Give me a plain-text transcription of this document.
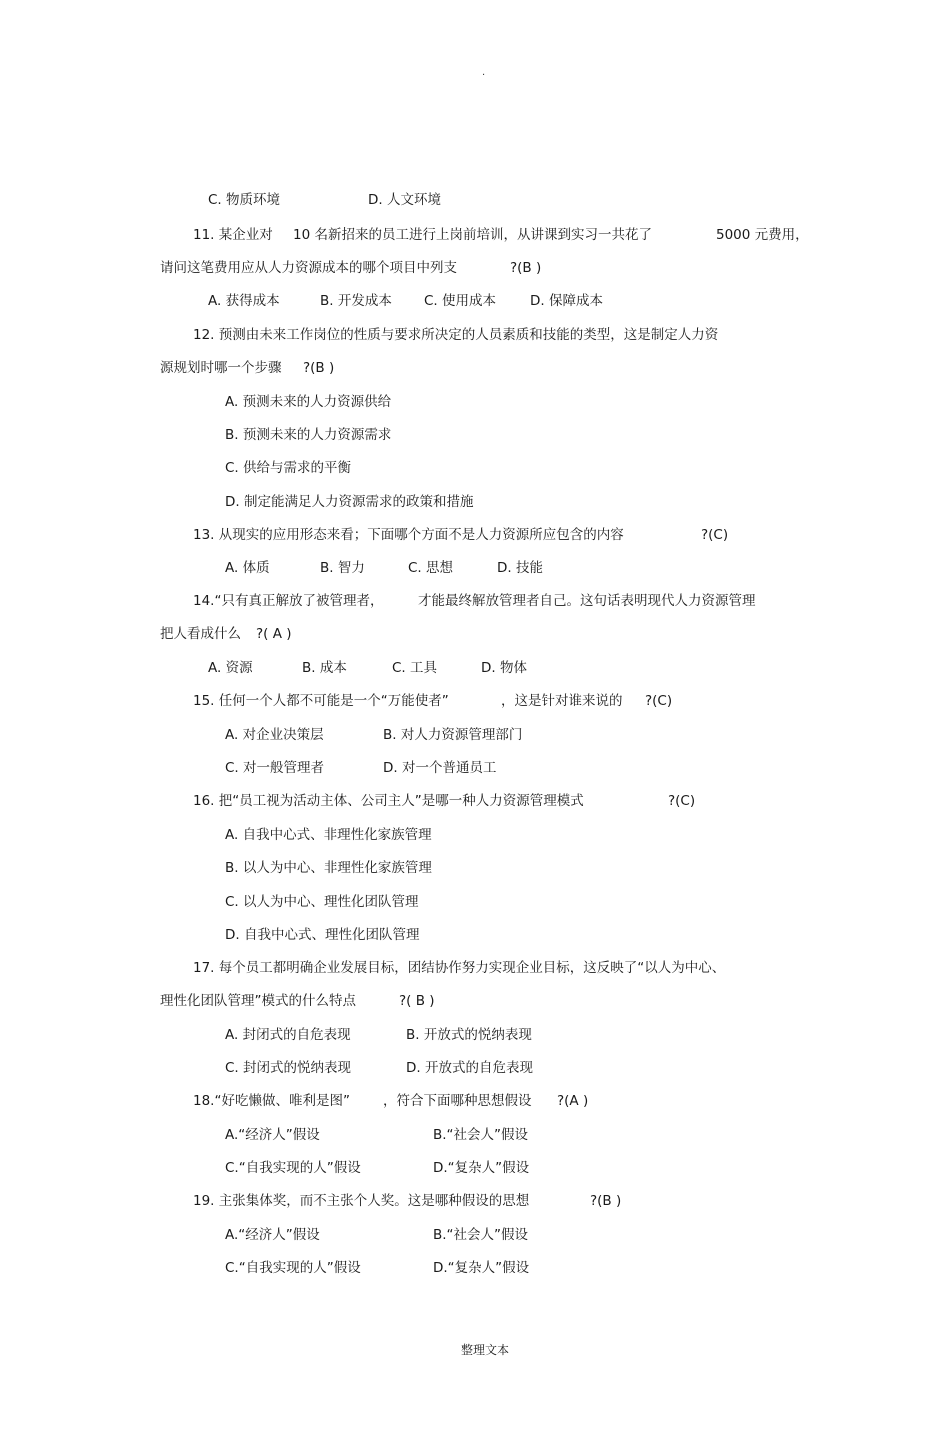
.
C. 物质环境	D. 人文环境
11. 某企业对 10 名新招来的员工进行上岗前培训，从讲课到实习一共花了	5000 元费用，
请问这笔费用应从人力资源成本的哪个项目中列支	?(B )
A. 获得成本	B. 开发成本 C. 使用成本	D. 保障成本
12. 预测由未来工作岗位的性质与要求所决定的人员素质和技能的类型，这是制定人力资
源规划时哪一个步骤 ?(B )
A. 预测未来的人力资源供给
B. 预测未来的人力资源需求
C. 供给与需求的平衡
D. 制定能满足人力资源需求的政策和措施
13. 从现实的应用形态来看；下面哪个方面不是人力资源所应包含的内容	?(C)
A. 体质	B. 智力	C. 思想	D. 技能
14.“只有真正解放了被管理者，	才能最终解放管理者自己。这句话表明现代人力资源管理
把人看成什么 ?( A )
A. 资源	B. 成本	C. 工具	D. 物体
15. 任何一个人都不可能是一个“万能使者”	，这是针对谁来说的 ?(C)
A. 对企业决策层	B. 对人力资源管理部门
C. 对一般管理者	D. 对一个普通员工
16. 把“员工视为活动主体、公司主人”是哪一种人力资源管理模式	?(C)
A. 自我中心式、非理性化家族管理
B. 以人为中心、非理性化家族管理
C. 以人为中心、理性化团队管理
D. 自我中心式、理性化团队管理
17. 每个员工都明确企业发展目标，团结协作努力实现企业目标，这反映了“以人为中心、
理性化团队管理”模式的什么特点	?( B )
A. 封闭式的自危表现	B. 开放式的悦纳表现
C. 封闭式的悦纳表现	D. 开放式的自危表现
18.“好吃懒做、唯利是图” ，符合下面哪种思想假设 ?(A )
A.“经济人”假设	B.“社会人”假设
C.“自我实现的人”假设	D.“复杂人”假设
19. 主张集体奖，而不主张个人奖。这是哪种假设的思想	?(B )
A.“经济人”假设	B.“社会人”假设
C.“自我实现的人”假设	D.“复杂人”假设
整理文本
